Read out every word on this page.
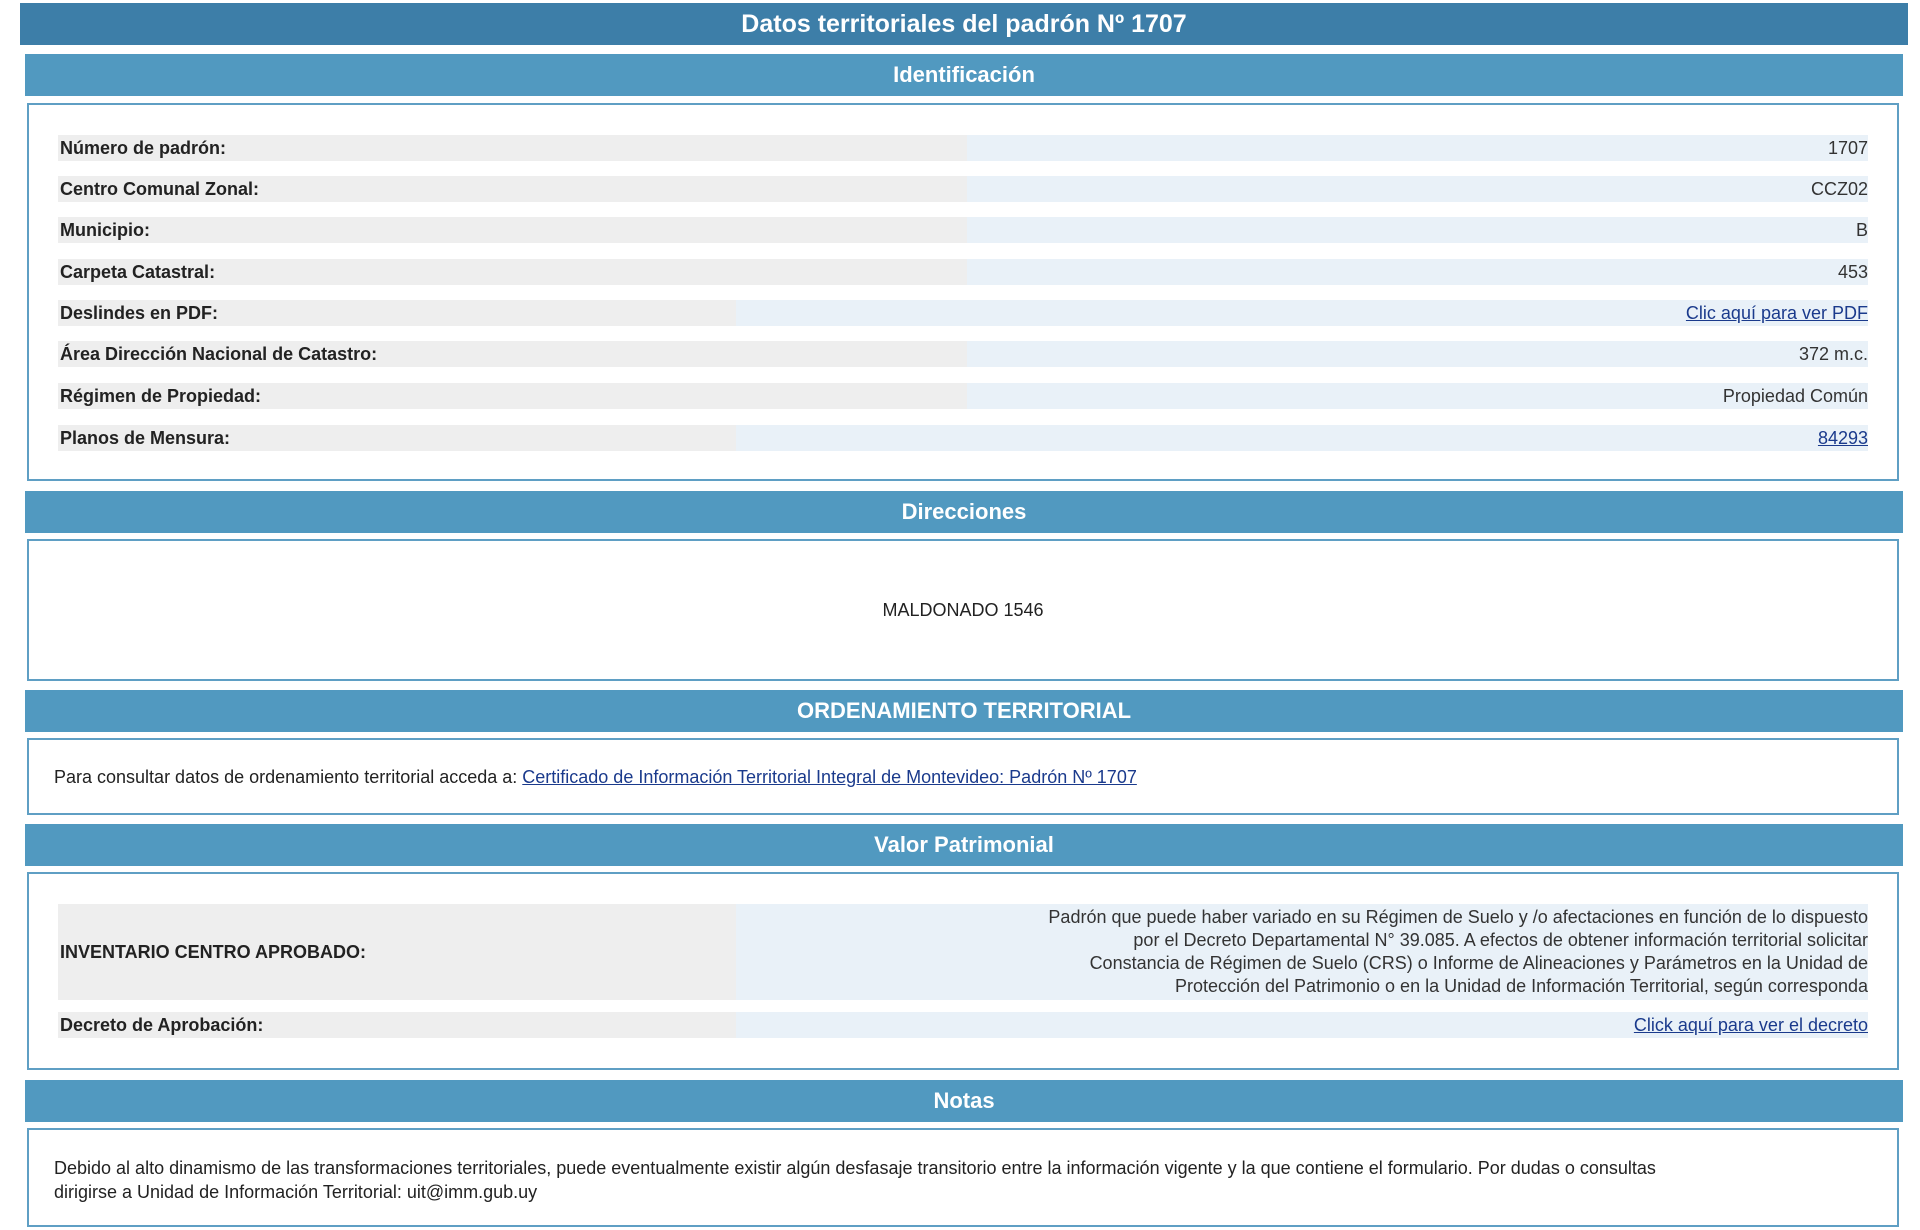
Datos territoriales del padrón Nº 1707
Identificación
Número de padrón:	1707
Centro Comunal Zonal:	CCZ02
Municipio:	B
Carpeta Catastral:	453
Deslindes en PDF:	Clic aquí para ver PDF
Área Dirección Nacional de Catastro:	372 m.c.
Régimen de Propiedad:	Propiedad Común
Planos de Mensura:	84293
Direcciones
MALDONADO 1546
ORDENAMIENTO TERRITORIAL
Para consultar datos de ordenamiento territorial acceda a: Certificado de Información Territorial Integral de Montevideo: Padrón Nº 1707
Valor Patrimonial
INVENTARIO CENTRO APROBADO:
Padrón que puede haber variado en su Régimen de Suelo y /o afectaciones en función de lo dispuesto
por el Decreto Departamental N° 39.085. A efectos de obtener información territorial solicitar
Constancia de Régimen de Suelo (CRS) o Informe de Alineaciones y Parámetros en la Unidad de
Protección del Patrimonio o en la Unidad de Información Territorial, según corresponda
Decreto de Aprobación:	Click aquí para ver el decreto
Notas
Debido al alto dinamismo de las transformaciones territoriales, puede eventualmente existir algún desfasaje transitorio entre la información vigente y la que contiene el formulario. Por dudas o consultas
dirigirse a Unidad de Información Territorial: uit@imm.gub.uy
